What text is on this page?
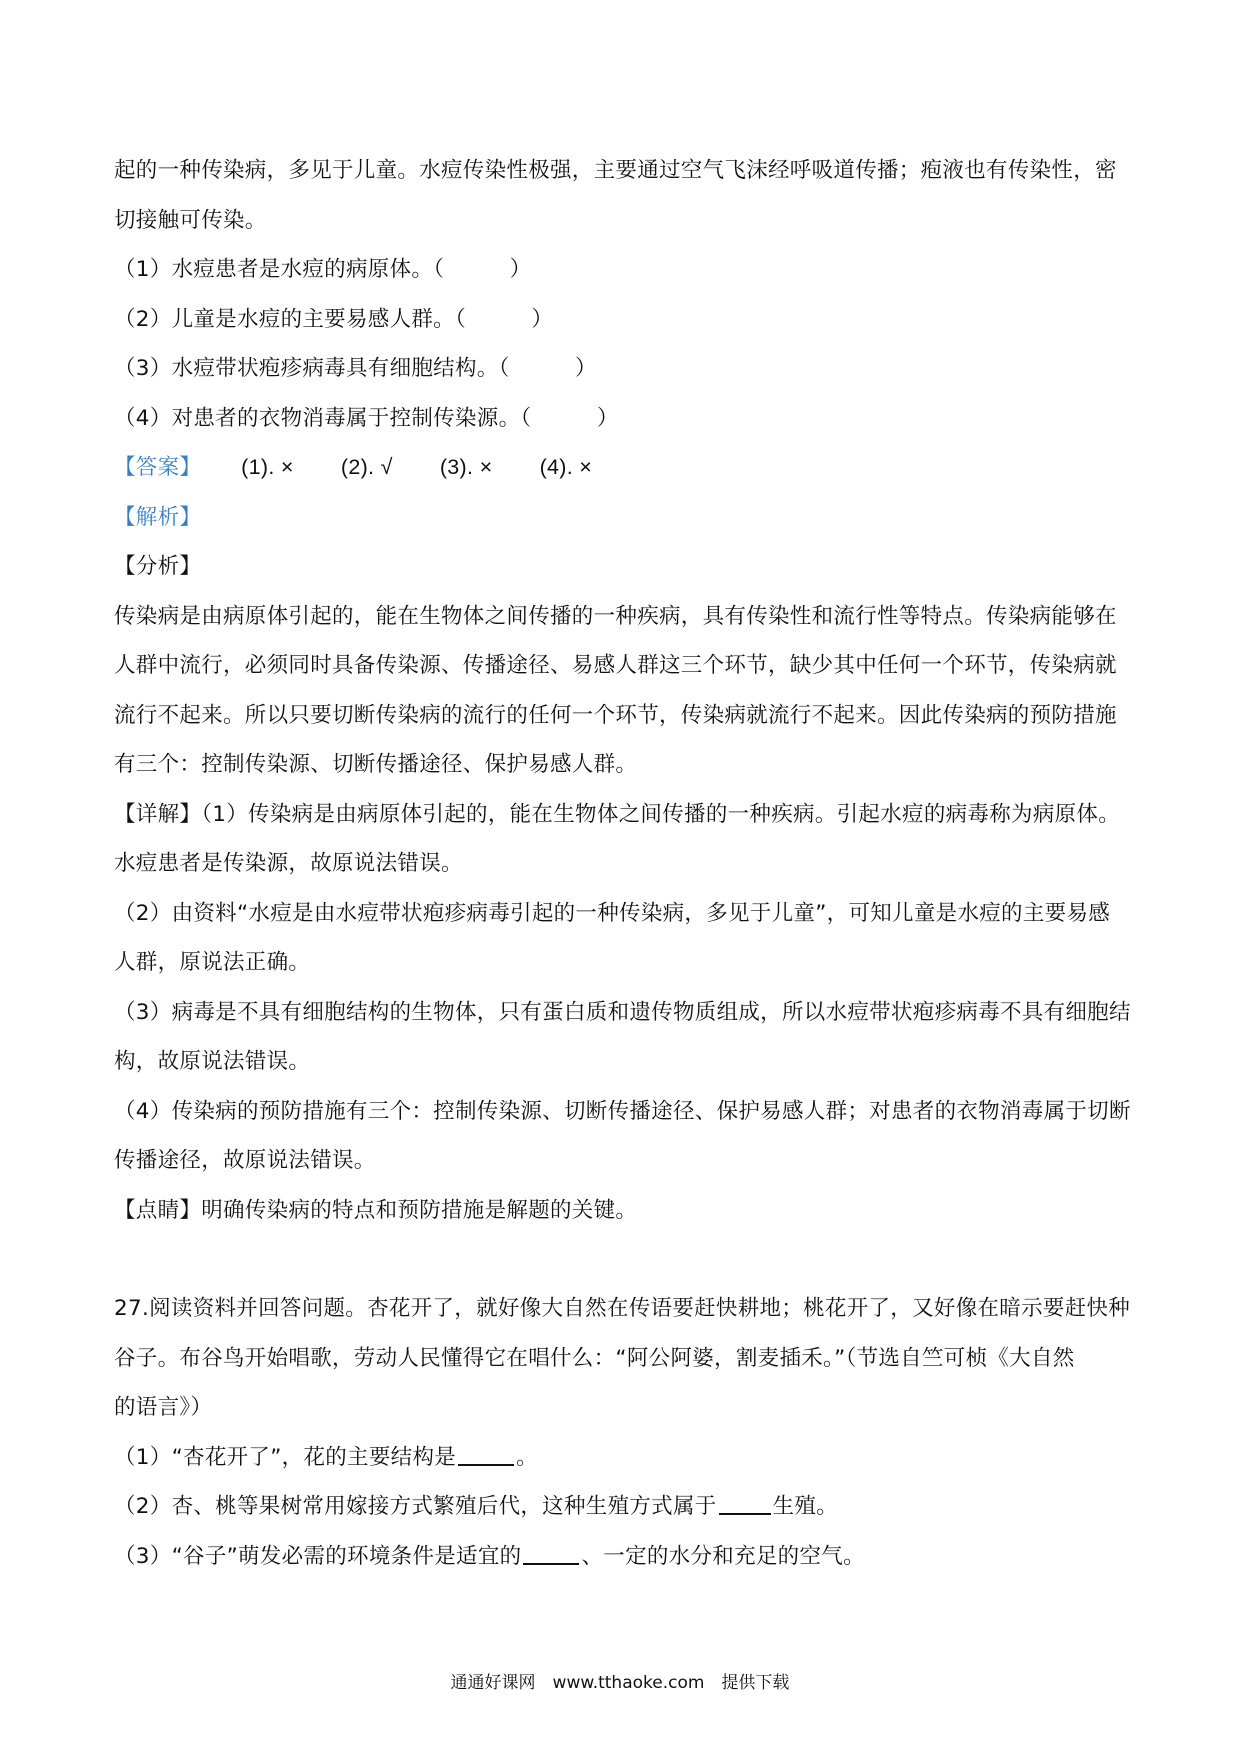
起的一种传染病，多见于儿童。水痘传染性极强，主要通过空气飞沫经呼吸道传播；疱液也有传染性，密
切接触可传染。
（1）水痘患者是水痘的病原体。（　　　）
（2）儿童是水痘的主要易感人群。（　　　）
（3）水痘带状疱疹病毒具有细胞结构。（　　　）
（4）对患者的衣物消毒属于控制传染源。（　　　）
【答案】 (1). × (2). √ (3). × (4). ×
【解析】
【分析】
传染病是由病原体引起的，能在生物体之间传播的一种疾病，具有传染性和流行性等特点。传染病能够在
人群中流行，必须同时具备传染源、传播途径、易感人群这三个环节，缺少其中任何一个环节，传染病就
流行不起来。所以只要切断传染病的流行的任何一个环节，传染病就流行不起来。因此传染病的预防措施
有三个：控制传染源、切断传播途径、保护易感人群。
【详解】（1）传染病是由病原体引起的，能在生物体之间传播的一种疾病。引起水痘的病毒称为病原体。
水痘患者是传染源，故原说法错误。
（2）由资料“水痘是由水痘带状疱疹病毒引起的一种传染病，多见于儿童”，可知儿童是水痘的主要易感
人群，原说法正确。
（3）病毒是不具有细胞结构的生物体，只有蛋白质和遗传物质组成，所以水痘带状疱疹病毒不具有细胞结
构，故原说法错误。
（4）传染病的预防措施有三个：控制传染源、切断传播途径、保护易感人群；对患者的衣物消毒属于切断
传播途径，故原说法错误。
【点睛】明确传染病的特点和预防措施是解题的关键。
27.阅读资料并回答问题。杏花开了，就好像大自然在传语要赶快耕地；桃花开了，又好像在暗示要赶快种
谷子。布谷鸟开始唱歌，劳动人民懂得它在唱什么：“阿公阿婆，割麦插禾。”（节选自竺可桢《大自然
的语言》）
（1）“杏花开了”，花的主要结构是	。
（2）杏、桃等果树常用嫁接方式繁殖后代，这种生殖方式属于	生殖。
（3）“谷子”萌发必需的环境条件是适宜的	、一定的水分和充足的空气。
通通好课网　www.tthaoke.com　提供下载
